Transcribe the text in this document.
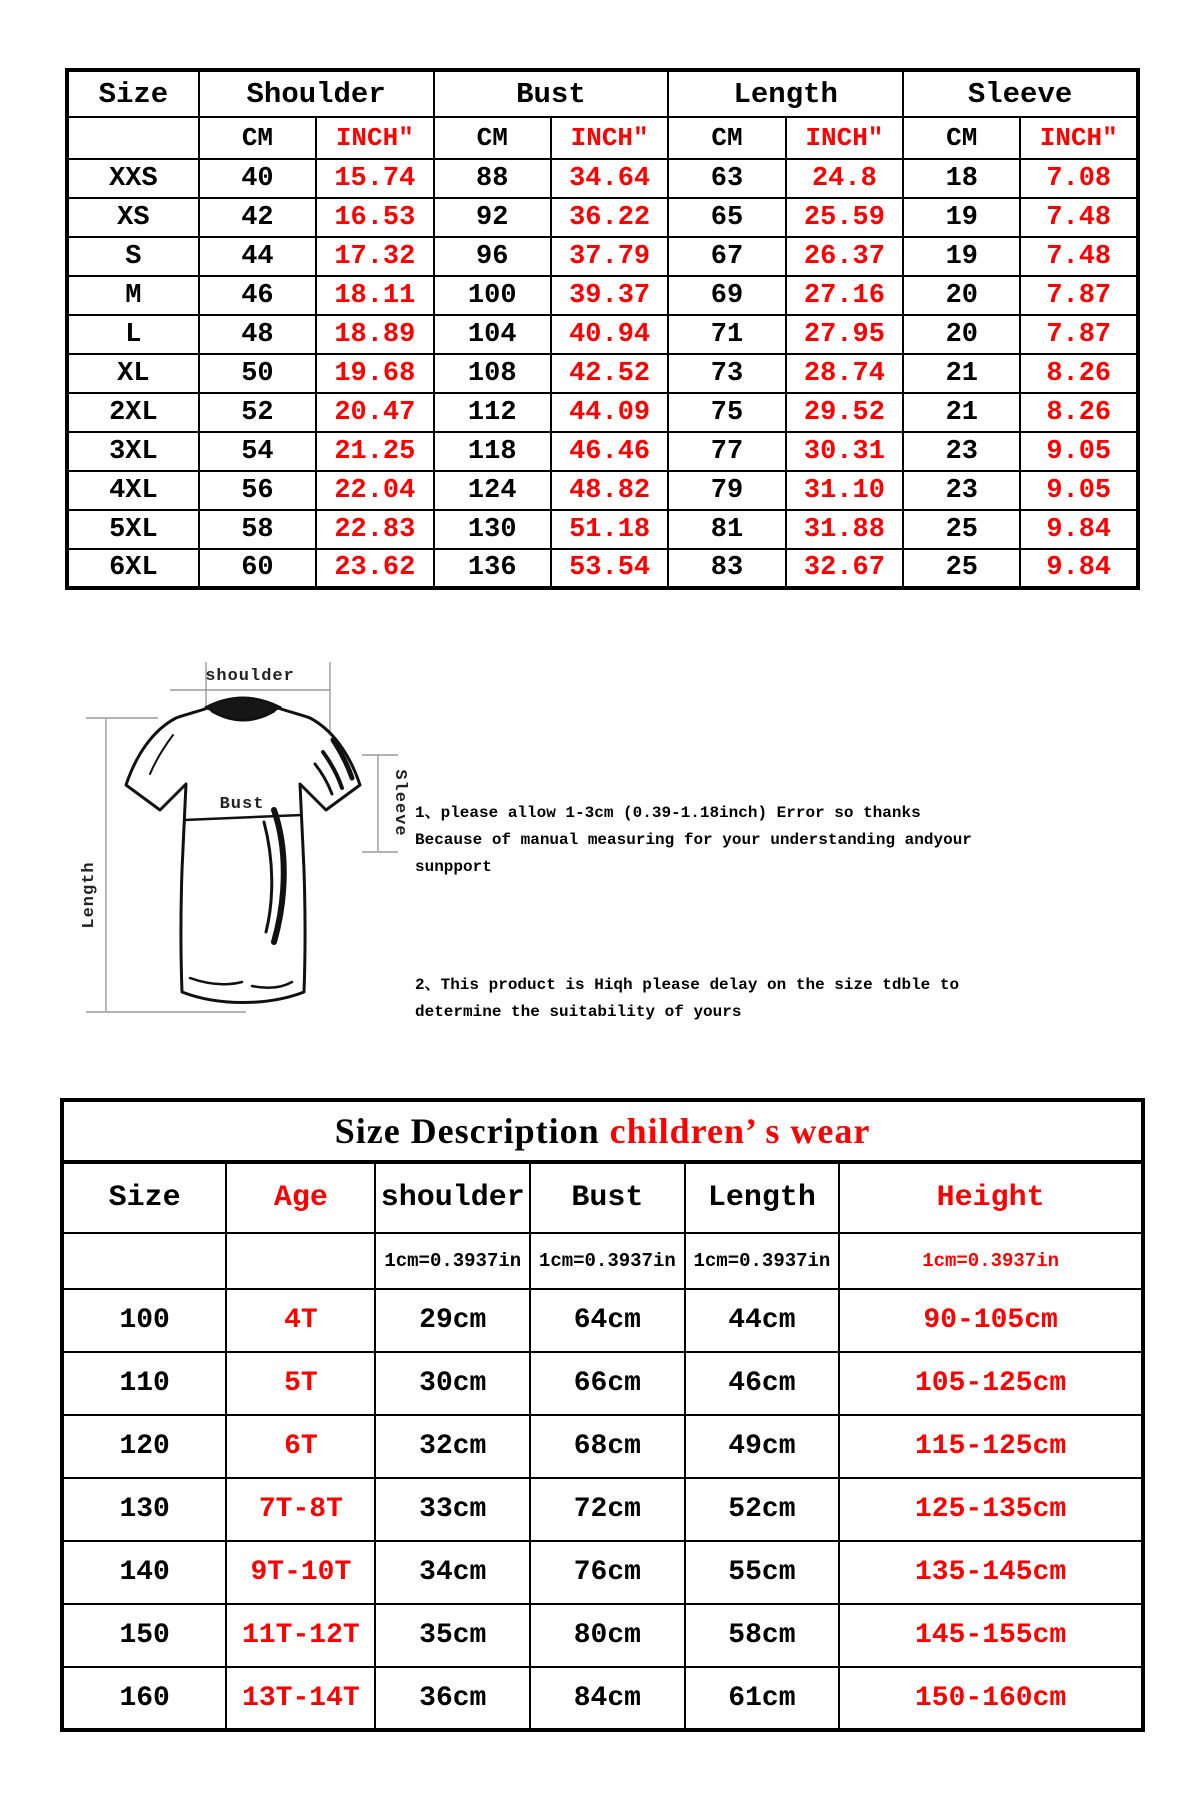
Size	Shoulder		Bust		Length		Sleeve	
	CM	INCH″	CM	INCH″	CM	INCH″	CM	INCH″
XXS	40	15.74	88	34.64	63	24.8	18	7.08
XS	42	16.53	92	36.22	65	25.59	19	7.48
S	44	17.32	96	37.79	67	26.37	19	7.48
M	46	18.11	100	39.37	69	27.16	20	7.87
L	48	18.89	104	40.94	71	27.95	20	7.87
XL	50	19.68	108	42.52	73	28.74	21	8.26
2XL	52	20.47	112	44.09	75	29.52	21	8.26
3XL	54	21.25	118	46.46	77	30.31	23	9.05
4XL	56	22.04	124	48.82	79	31.10	23	9.05
5XL	58	22.83	130	51.18	81	31.88	25	9.84
6XL	60	23.62	136	53.54	83	32.67	25	9.84
shoulder
Length
Bust	Sleeve 1、please allow 1-3cm (0.39-1.18inch) Error so thanks
Because of manual measuring for your understanding andyour
sunpport
2、This product is Hiqh please delay on the size tdble to
determine the suitability of yours
Size Description children’ s wear					
Size	Age	shoulder	Bust	Length	Height
		1cm=0.3937in	1cm=0.3937in	1cm=0.3937in	1cm=0.3937in
100	4T	29cm	64cm	44cm	90-105cm
110	5T	30cm	66cm	46cm	105-125cm
120	6T	32cm	68cm	49cm	115-125cm
130	7T-8T	33cm	72cm	52cm	125-135cm
140	9T-10T	34cm	76cm	55cm	135-145cm
150	11T-12T	35cm	80cm	58cm	145-155cm
160	13T-14T	36cm	84cm	61cm	150-160cm
